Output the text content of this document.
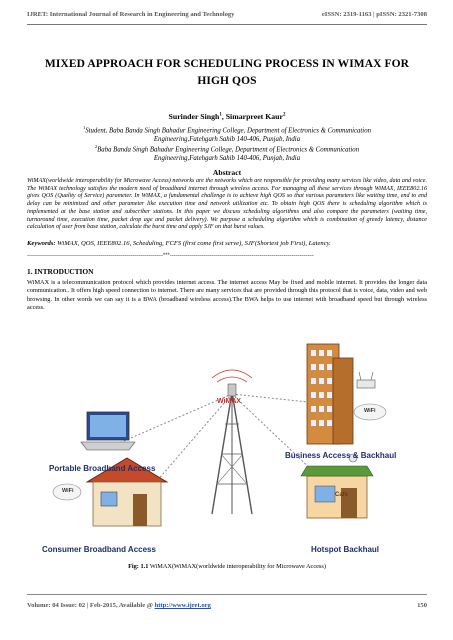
IJRET: International Journal of Research in Engineering and Technology	eISSN: 2319-1163 | pISSN: 2321-7308
MIXED APPROACH FOR SCHEDULING PROCESS IN WIMAX FOR
HIGH QOS
Surinder Singh$^1$, Simarpreet Kaur$^2$
$^1$Student, Baba Banda Singh Bahadur Engineering College, Department of Electronics & Communication
Engineering,Fatehgarh Sahib 140-406, Punjab, India
$^2$Baba Banda Singh Bahadur Engineering College, Department of Electronics & Communication
Engineering,Fatehgarh Sahib 140-406, Punjab, India
Abstract
WiMAX(worldwide interoperability for Microwave Access) networks are the networks which are responsible for providing many services like video, data and voice. The WiMAX technology satisfies the modern need of broadband internet through wireless access. For managing all these services through WiMAX, IEEE802.16 gives QOS (Quality of Service) parameter. In WiMAX, a fundamental challenge is to achieve high QOS so that various parameters like waiting time, end to end delay can be minimized and other parameter like execution time and network utilization etc. To obtain high QOS there is scheduling algorithm which is implemented at the base station and subscriber stations. In this paper we discuss scheduling algorithms and also compare the parameters (waiting time, turnaround time, execution time, packet drop age and packet delivery). We purpose a scheduling algorithm which is combination of greedy latency, distance calculation of user from base station, calculate the burst time and apply SJF on that burst values.
Keywords: WiMAX, QOS, IEEE802.16, Scheduling, FCFS (first come first serve), SJF(Shortest job First), Latency.
--------------------------------------------------------------------***------------------------------------------------------------------------
1. INTRODUCTION
WiMAX is a telecommunication protocol which provides internet access. The internet access May be fixed and mobile internet. It provides the longer data communication.. It offers high speed connection to internet. There are many services that are provided through this protocol that is voice, data, video and web browsing. In other words we can say it is a BWA (broadband wireless access).The BWA helps to use internet with broadband speed but through wireless access.
WiMAX
WiFi
WiFi
Cafe
Portable Broadband Access
Business Access & Backhaul
Consumer Broadband Access	Hotspot Backhaul
Fig: 1.1 WiMAX(WiMAX(worldwide interoperability for Microwave Access)
Volume: 04 Issue: 02 | Feb-2015, Available @ http://www.ijret.org	150
